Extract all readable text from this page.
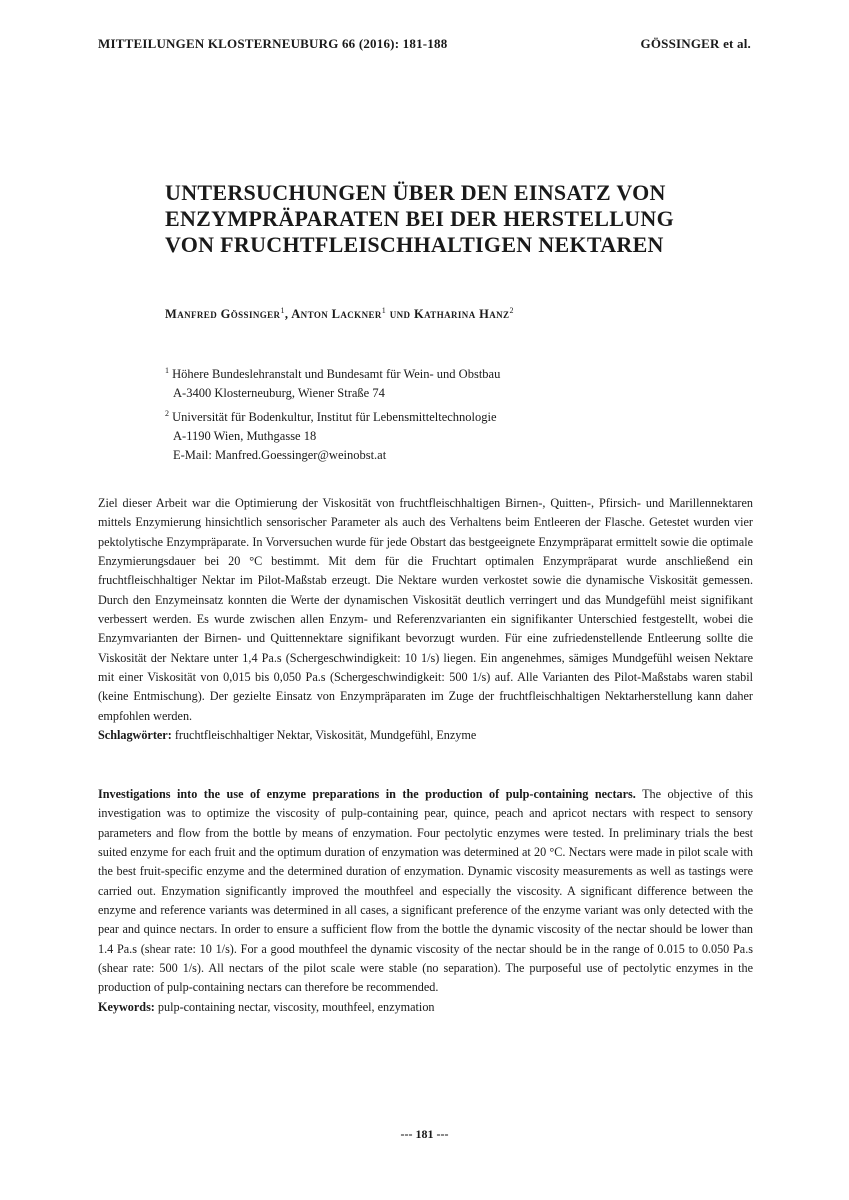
MITTEILUNGEN KLOSTERNEUBURG 66 (2016): 181-188	GÖSSINGER et al.
UNTERSUCHUNGEN ÜBER DEN EINSATZ VON
ENZYMPRÄPARATEN BEI DER HERSTELLUNG
VON FRUCHTFLEISCHHALTIGEN NEKTAREN
Manfred Gössinger$^1$, Anton Lackner$^1$ und Katharina Hanz$^2$
$^1$ Höhere Bundeslehranstalt und Bundesamt für Wein- und Obstbau
A-3400 Klosterneuburg, Wiener Straße 74
$^2$ Universität für Bodenkultur, Institut für Lebensmitteltechnologie
A-1190 Wien, Muthgasse 18
E-Mail: Manfred.Goessinger@weinobst.at

Ziel dieser Arbeit war die Optimierung der Viskosität von fruchtfleischhaltigen Birnen-, Quitten-, Pfirsich- und Marillennektaren mittels Enzymierung hinsichtlich sensorischer Parameter als auch des Verhaltens beim Entleeren der Flasche. Getestet wurden vier pektolytische Enzympräparate. In Vorversuchen wurde für jede Obstart das bestgeeignete Enzympräparat ermittelt sowie die optimale Enzymierungsdauer bei 20 °C bestimmt. Mit dem für die Fruchtart optimalen Enzympräparat wurde anschließend ein fruchtfleischhaltiger Nektar im Pilot-Maßstab erzeugt. Die Nektare wurden verkostet sowie die dynamische Viskosität gemessen. Durch den Enzymeinsatz konnten die Werte der dynamischen Viskosität deutlich verringert und das Mundgefühl meist signifikant verbessert werden. Es wurde zwischen allen Enzym- und Referenzvarianten ein signifikanter Unterschied festgestellt, wobei die Enzymvarianten der Birnen- und Quittennektare signifikant bevorzugt wurden. Für eine zufriedenstellende Entleerung sollte die Viskosität der Nektare unter 1,4 Pa.s (Schergeschwindigkeit: 10 1/s) liegen. Ein angenehmes, sämiges Mundgefühl weisen Nektare mit einer Viskosität von 0,015 bis 0,050 Pa.s (Schergeschwindigkeit: 500 1/s) auf. Alle Varianten des Pilot-Maßstabs waren stabil (keine Entmischung). Der gezielte Einsatz von Enzympräparaten im Zuge der fruchtfleischhaltigen Nektarherstellung kann daher empfohlen werden.

Schlagwörter: fruchtfleischhaltiger Nektar, Viskosität, Mundgefühl, Enzyme

Investigations into the use of enzyme preparations in the production of pulp-containing nectars. The objective of this investigation was to optimize the viscosity of pulp-containing pear, quince, peach and apricot nectars with respect to sensory parameters and flow from the bottle by means of enzymation. Four pectolytic enzymes were tested. In preliminary trials the best suited enzyme for each fruit and the optimum duration of enzymation was determined at 20 °C. Nectars were made in pilot scale with the best fruit-specific enzyme and the determined duration of enzymation. Dynamic viscosity measurements as well as tastings were carried out. Enzymation significantly improved the mouthfeel and especially the viscosity. A significant difference between the enzyme and reference variants was determined in all cases, a significant preference of the enzyme variant was only detected with the pear and quince nectars. In order to ensure a sufficient flow from the bottle the dynamic viscosity of the nectar should be lower than 1.4 Pa.s (shear rate: 10 1/s). For a good mouthfeel the dynamic viscosity of the nectar should be in the range of 0.015 to 0.050 Pa.s (shear rate: 500 1/s). All nectars of the pilot scale were stable (no separation). The purposeful use of pectolytic enzymes in the production of pulp-containing nectars can therefore be recommended.

Keywords: pulp-containing nectar, viscosity, mouthfeel, enzymation

--- 181 ---
